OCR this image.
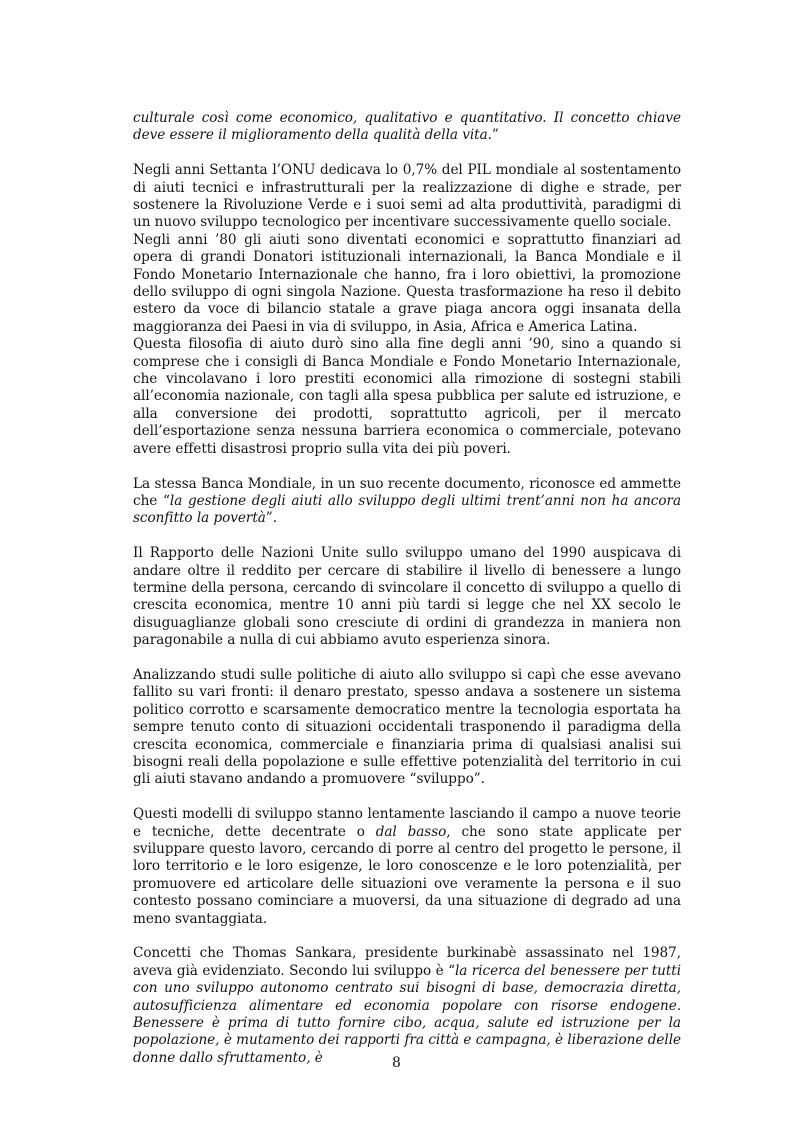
culturale così come economico, qualitativo e quantitativo. Il concetto chiave deve essere il miglioramento della qualità della vita.”

Negli anni Settanta l’ONU dedicava lo 0,7% del PIL mondiale al sostentamento di aiuti tecnici e infrastrutturali per la realizzazione di dighe e strade, per sostenere la Rivoluzione Verde e i suoi semi ad alta produttività, paradigmi di un nuovo sviluppo tecnologico per incentivare successivamente quello sociale.

Negli anni ’80 gli aiuti sono diventati economici e soprattutto finanziari ad opera di grandi Donatori istituzionali internazionali, la Banca Mondiale e il Fondo Monetario Internazionale che hanno, fra i loro obiettivi, la promozione dello sviluppo di ogni singola Nazione. Questa trasformazione ha reso il debito estero da voce di bilancio statale a grave piaga ancora oggi insanata della maggioranza dei Paesi in via di sviluppo, in Asia, Africa e America Latina.

Questa filosofia di aiuto durò sino alla fine degli anni ’90, sino a quando si comprese che i consigli di Banca Mondiale e Fondo Monetario Internazionale, che vincolavano i loro prestiti economici alla rimozione di sostegni stabili all’economia nazionale, con tagli alla spesa pubblica per salute ed istruzione, e alla conversione dei prodotti, soprattutto agricoli, per il mercato dell’esportazione senza nessuna barriera economica o commerciale, potevano avere effetti disastrosi proprio sulla vita dei più poveri.

La stessa Banca Mondiale, in un suo recente documento, riconosce ed ammette che “la gestione degli aiuti allo sviluppo degli ultimi trent’anni non ha ancora sconfitto la povertà”.

Il Rapporto delle Nazioni Unite sullo sviluppo umano del 1990 auspicava di andare oltre il reddito per cercare di stabilire il livello di benessere a lungo termine della persona, cercando di svincolare il concetto di sviluppo a quello di crescita economica, mentre 10 anni più tardi si legge che nel XX secolo le disuguaglianze globali sono cresciute di ordini di grandezza in maniera non paragonabile a nulla di cui abbiamo avuto esperienza sinora.

Analizzando studi sulle politiche di aiuto allo sviluppo si capì che esse avevano fallito su vari fronti: il denaro prestato, spesso andava a sostenere un sistema politico corrotto e scarsamente democratico mentre la tecnologia esportata ha sempre tenuto conto di situazioni occidentali trasponendo il paradigma della crescita economica, commerciale e finanziaria prima di qualsiasi analisi sui bisogni reali della popolazione e sulle effettive potenzialità del territorio in cui gli aiuti stavano andando a promuovere “sviluppo”.

Questi modelli di sviluppo stanno lentamente lasciando il campo a nuove teorie e tecniche, dette decentrate o dal basso, che sono state applicate per sviluppare questo lavoro, cercando di porre al centro del progetto le persone, il loro territorio e le loro esigenze, le loro conoscenze e le loro potenzialità, per promuovere ed articolare delle situazioni ove veramente la persona e il suo contesto possano cominciare a muoversi, da una situazione di degrado ad una meno svantaggiata.

Concetti che Thomas Sankara, presidente burkinabè assassinato nel 1987, aveva già evidenziato. Secondo lui sviluppo è “la ricerca del benessere per tutti con uno sviluppo autonomo centrato sui bisogni di base, democrazia diretta, autosufficienza alimentare ed economia popolare con risorse endogene. Benessere è prima di tutto fornire cibo, acqua, salute ed istruzione per la popolazione, è mutamento dei rapporti fra città e campagna, è liberazione delle donne dallo sfruttamento, è	8
